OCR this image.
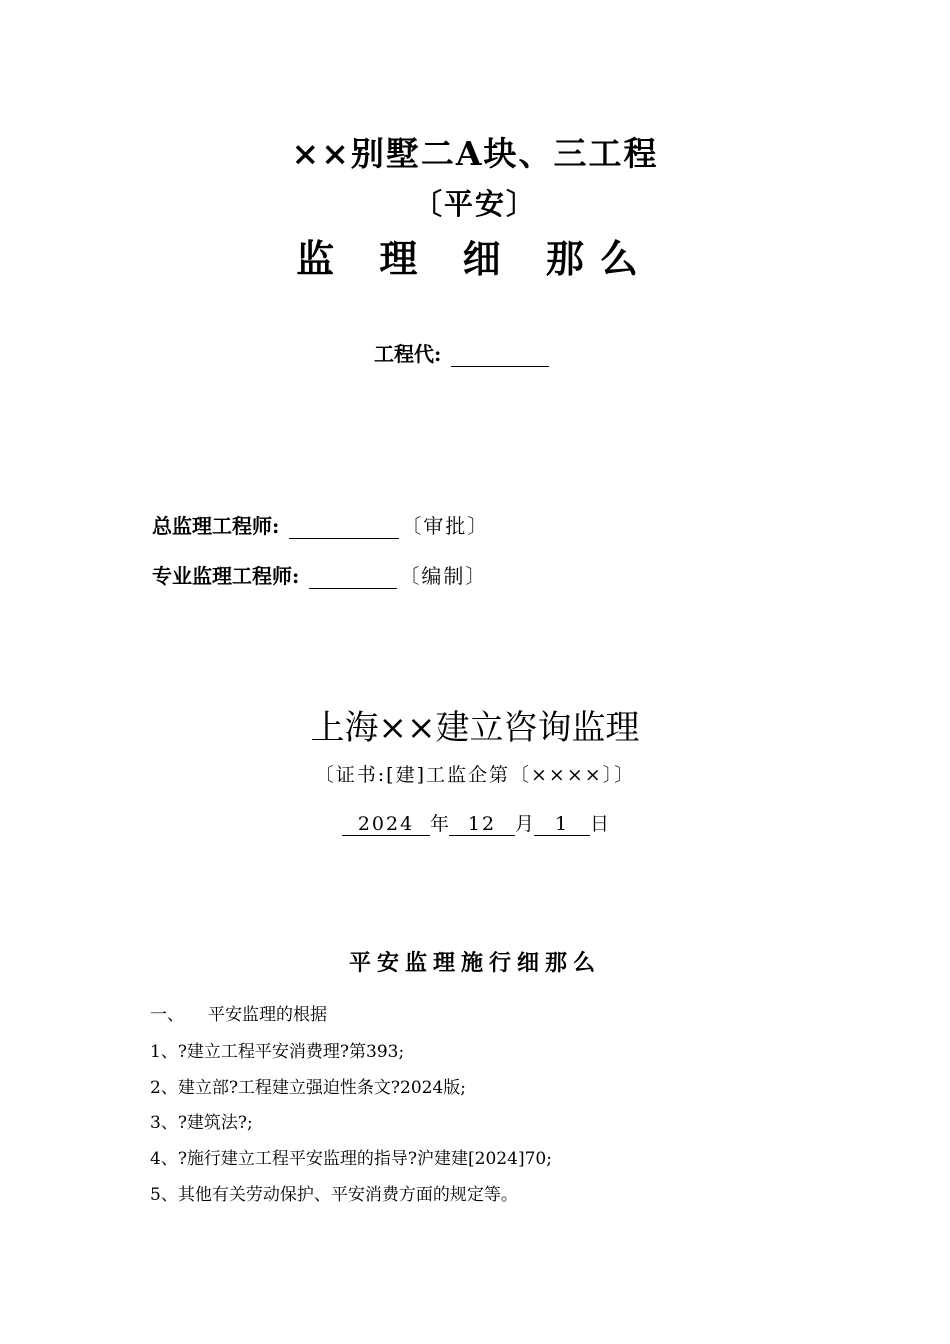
××别墅二A块、三工程
〔平安〕
监 理 细 那么
工程代:
总监理工程师:	〔审批〕
专业监理工程师:	〔编制〕
上海××建立咨询监理
〔证书:[建]工监企第〔××××〕〕
2024 年 12 月 1 日
平安监理施行细那么
一、 平安监理的根据
1、?建立工程平安消费理?第393;
2、建立部?工程建立强迫性条文?2024版;
3、?建筑法?;
4、?施行建立工程平安监理的指导?沪建建[2024]70;
5、其他有关劳动保护、平安消费方面的规定等。
